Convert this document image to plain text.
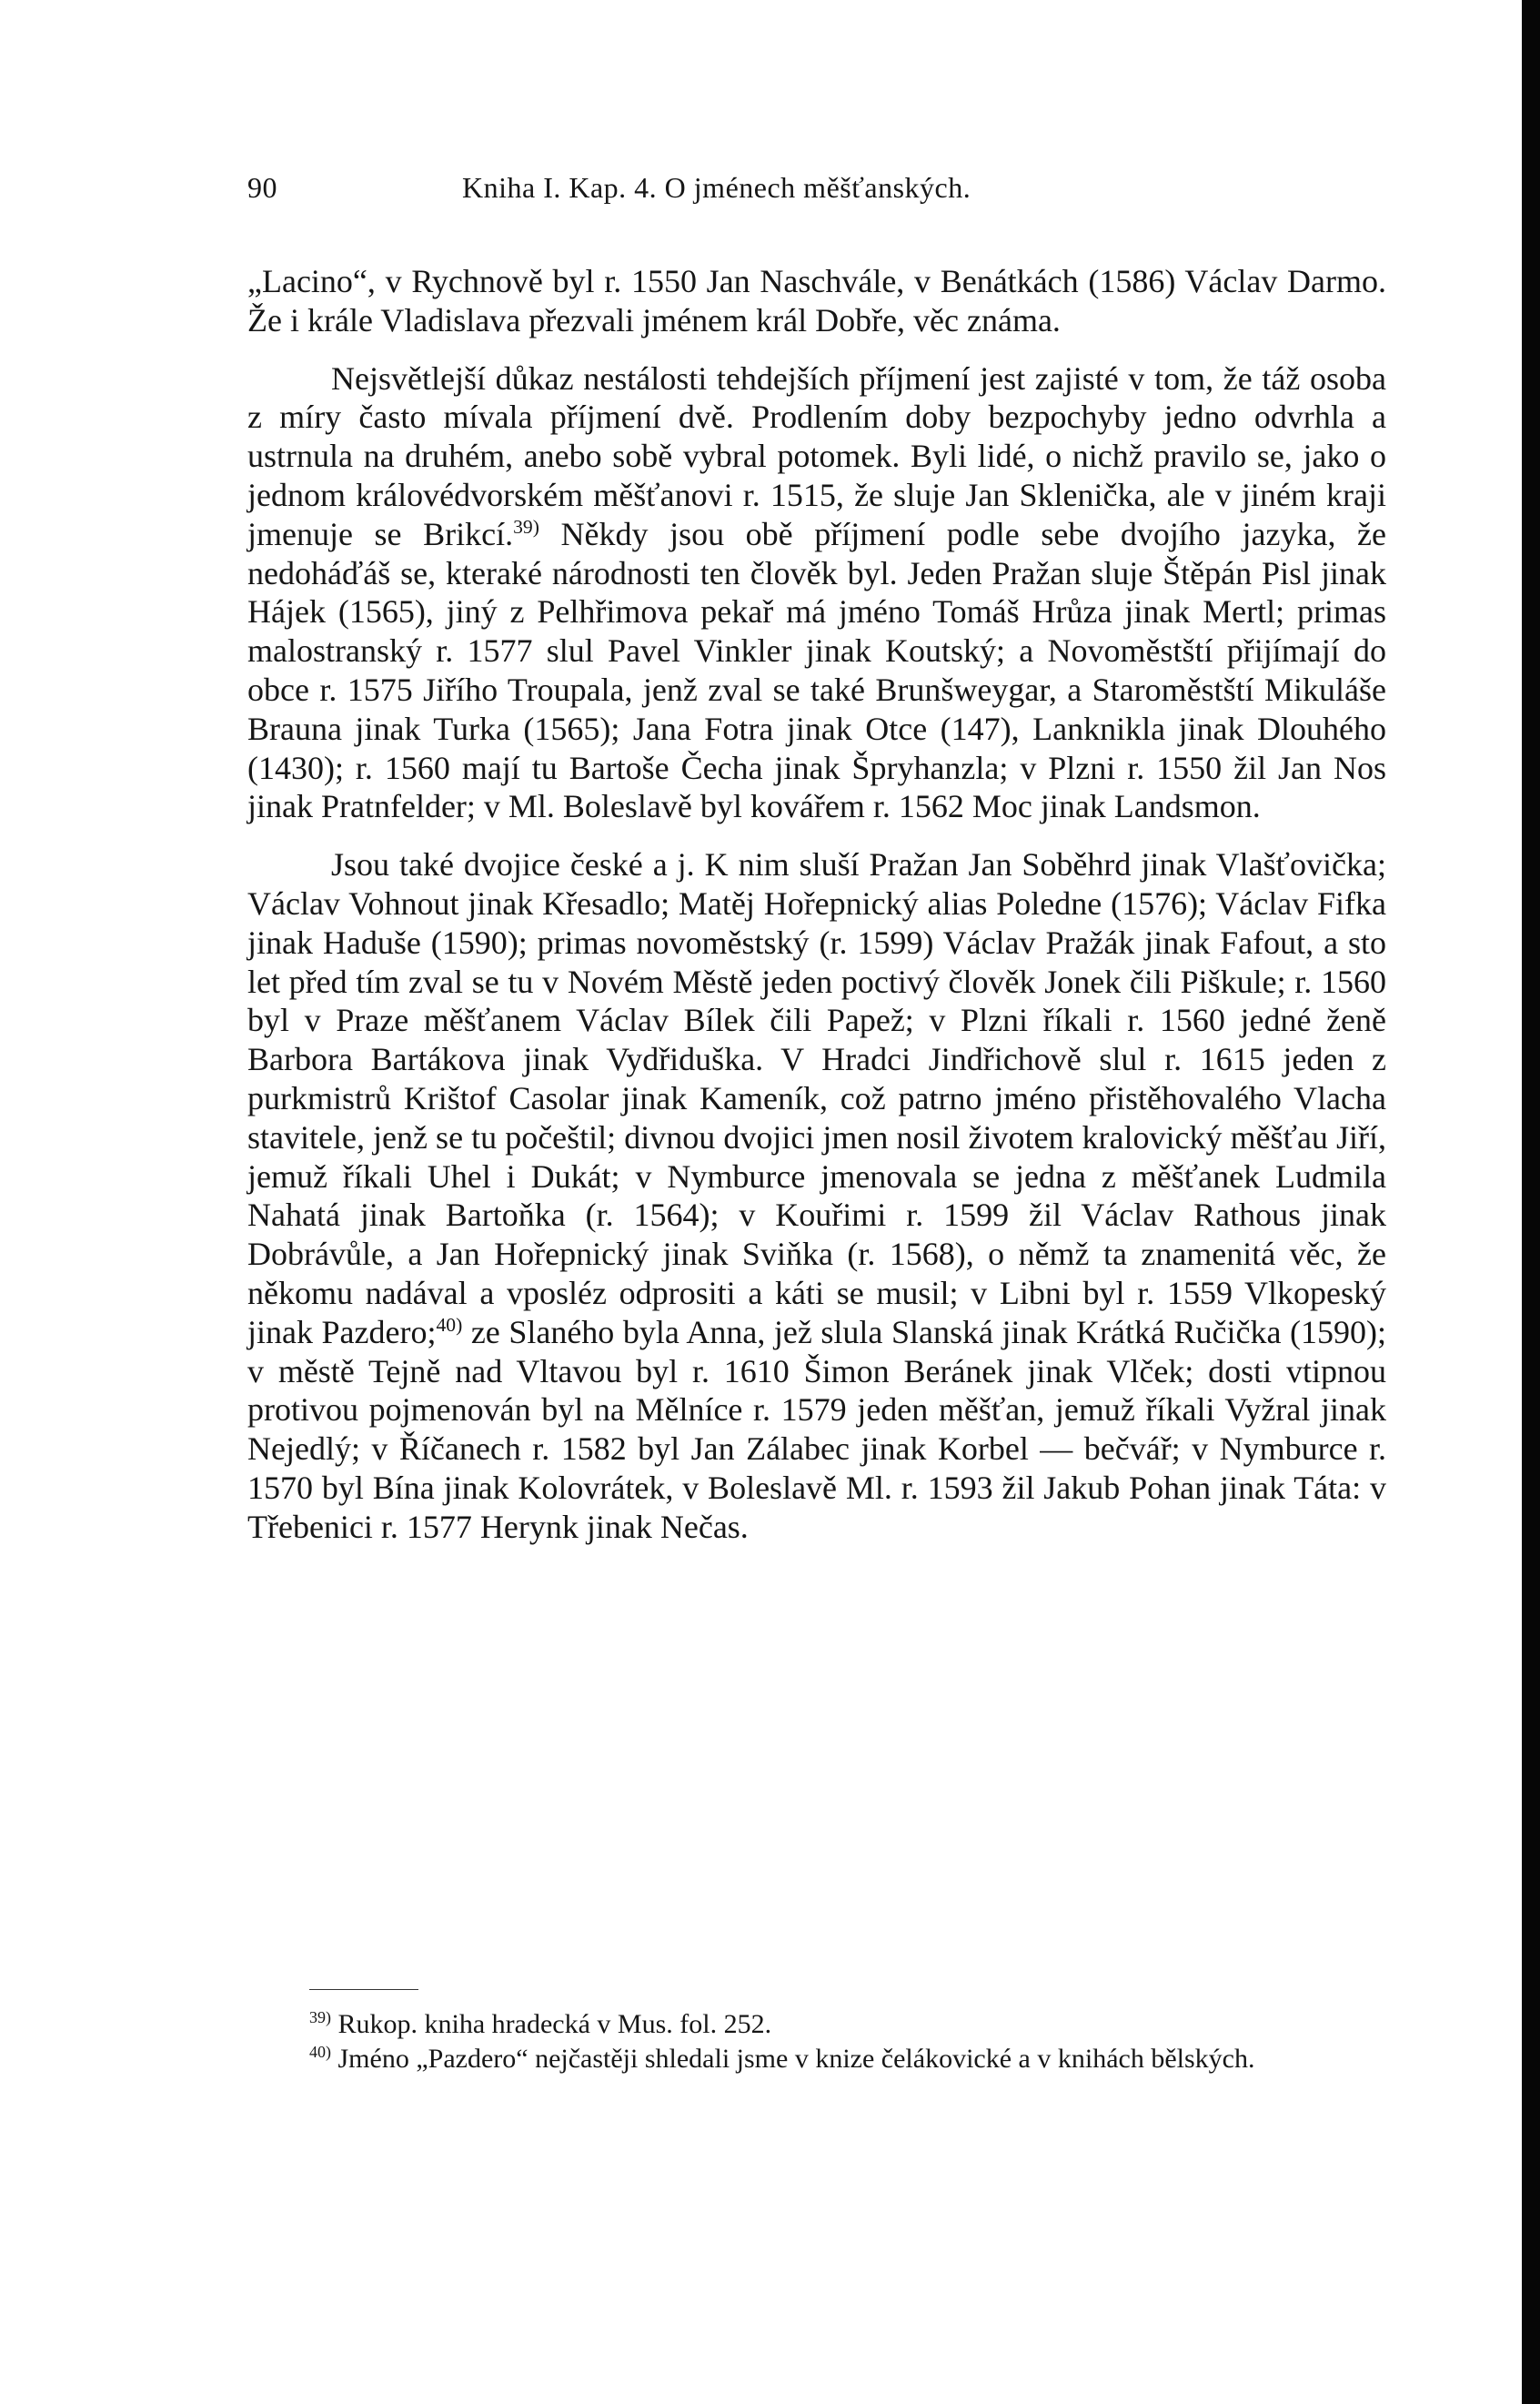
90	Kniha I. Kap. 4. O jménech měšťanských.

„Lacino“, v Rychnově byl r. 1550 Jan Naschvále, v Benátkách (1586) Václav Darmo. Že i krále Vladislava přezvali jménem král Dobře, věc známa.

Nejsvětlejší důkaz nestálosti tehdejších příjmení jest zajisté v tom, že táž osoba z míry často mívala příjmení dvě. Prodlením doby bezpochyby jedno odvrhla a ustrnula na druhém, anebo sobě vybral potomek. Byli lidé, o nichž pravilo se, jako o jednom královédvorském měšťanovi r. 1515, že sluje Jan Sklenička, ale v jiném kraji jmenuje se Brikcí.$^{39)}$ Někdy jsou obě příjmení podle sebe dvojího jazyka, že nedoháďáš se, kteraké národnosti ten člověk byl. Jeden Pražan sluje Štěpán Pisl jinak Hájek (1565), jiný z Pelhřimova pekař má jméno Tomáš Hrůza jinak Mertl; primas malostranský r. 1577 slul Pavel Vinkler jinak Koutský; a Novoměstští přijímají do obce r. 1575 Jiřího Troupala, jenž zval se také Brunšweygar, a Staroměstští Mikuláše Brauna jinak Turka (1565); Jana Fotra jinak Otce (147), Lanknikla jinak Dlouhého (1430); r. 1560 mají tu Bartoše Čecha jinak Špryhanzla; v Plzni r. 1550 žil Jan Nos jinak Pratnfelder; v Ml. Boleslavě byl kovářem r. 1562 Moc jinak Landsmon.

Jsou také dvojice české a j. K nim sluší Pražan Jan Soběhrd jinak Vlašťovička; Václav Vohnout jinak Křesadlo; Matěj Hořepnický alias Poledne (1576); Václav Fifka jinak Haduše (1590); primas novoměstský (r. 1599) Václav Pražák jinak Fafout, a sto let před tím zval se tu v Novém Městě jeden poctivý člověk Jonek čili Piškule; r. 1560 byl v Praze měšťanem Václav Bílek čili Papež; v Plzni říkali r. 1560 jedné ženě Barbora Bartákova jinak Vydřiduška. V Hradci Jindřichově slul r. 1615 jeden z purkmistrů Krištof Casolar jinak Kameník, což patrno jméno přistěhovalého Vlacha stavitele, jenž se tu počeštil; divnou dvojici jmen nosil životem kralovický měšťau Jiří, jemuž říkali Uhel i Dukát; v Nymburce jmenovala se jedna z měšťanek Ludmila Nahatá jinak Bartoňka (r. 1564); v Kouřimi r. 1599 žil Václav Rathous jinak Dobrávůle, a Jan Hořepnický jinak Sviňka (r. 1568), o němž ta znamenitá věc, že někomu nadával a vposléz odprositi a káti se musil; v Libni byl r. 1559 Vlkopeský jinak Pazdero;$^{40)}$ ze Slaného byla Anna, jež slula Slanská jinak Krátká Ručička (1590); v městě Tejně nad Vltavou byl r. 1610 Šimon Beránek jinak Vlček; dosti vtipnou protivou pojmenován byl na Mělníce r. 1579 jeden měšťan, jemuž říkali Vyžral jinak Nejedlý; v Říčanech r. 1582 byl Jan Zálabec jinak Korbel — bečvář; v Nymburce r. 1570 byl Bína jinak Kolovrátek, v Boleslavě Ml. r. 1593 žil Jakub Pohan jinak Táta: v Třebenici r. 1577 Herynk jinak Nečas.

$^{39)}$ Rukop. kniha hradecká v Mus. fol. 252.

$^{40)}$ Jméno „Pazdero“ nejčastěji shledali jsme v knize čelákovické a v knihách bělských.
